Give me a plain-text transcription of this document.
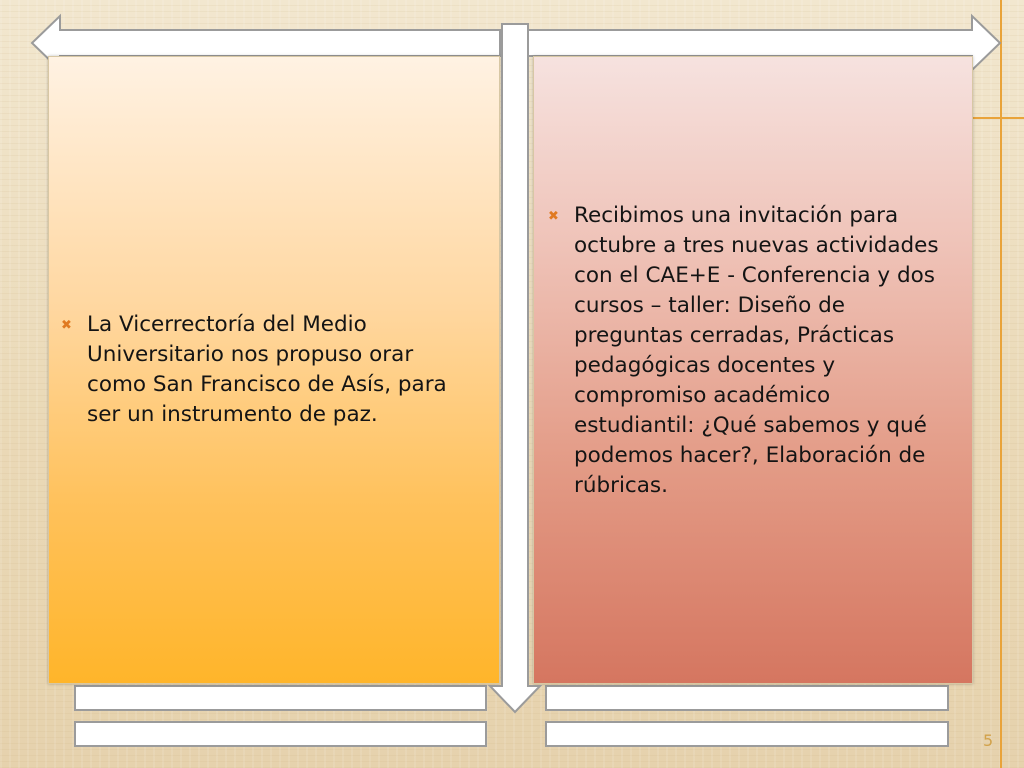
✖ La Vicerrectoría del Medio Universitario nos propuso orar como San Francisco de Asís, para ser un instrumento de paz.
✖ Recibimos una invitación para octubre a tres nuevas actividades con el CAE+E - Conferencia y dos cursos – taller: Diseño de preguntas cerradas, Prácticas pedagógicas docentes y compromiso académico estudiantil: ¿Qué sabemos y qué podemos hacer?, Elaboración de rúbricas.
5
